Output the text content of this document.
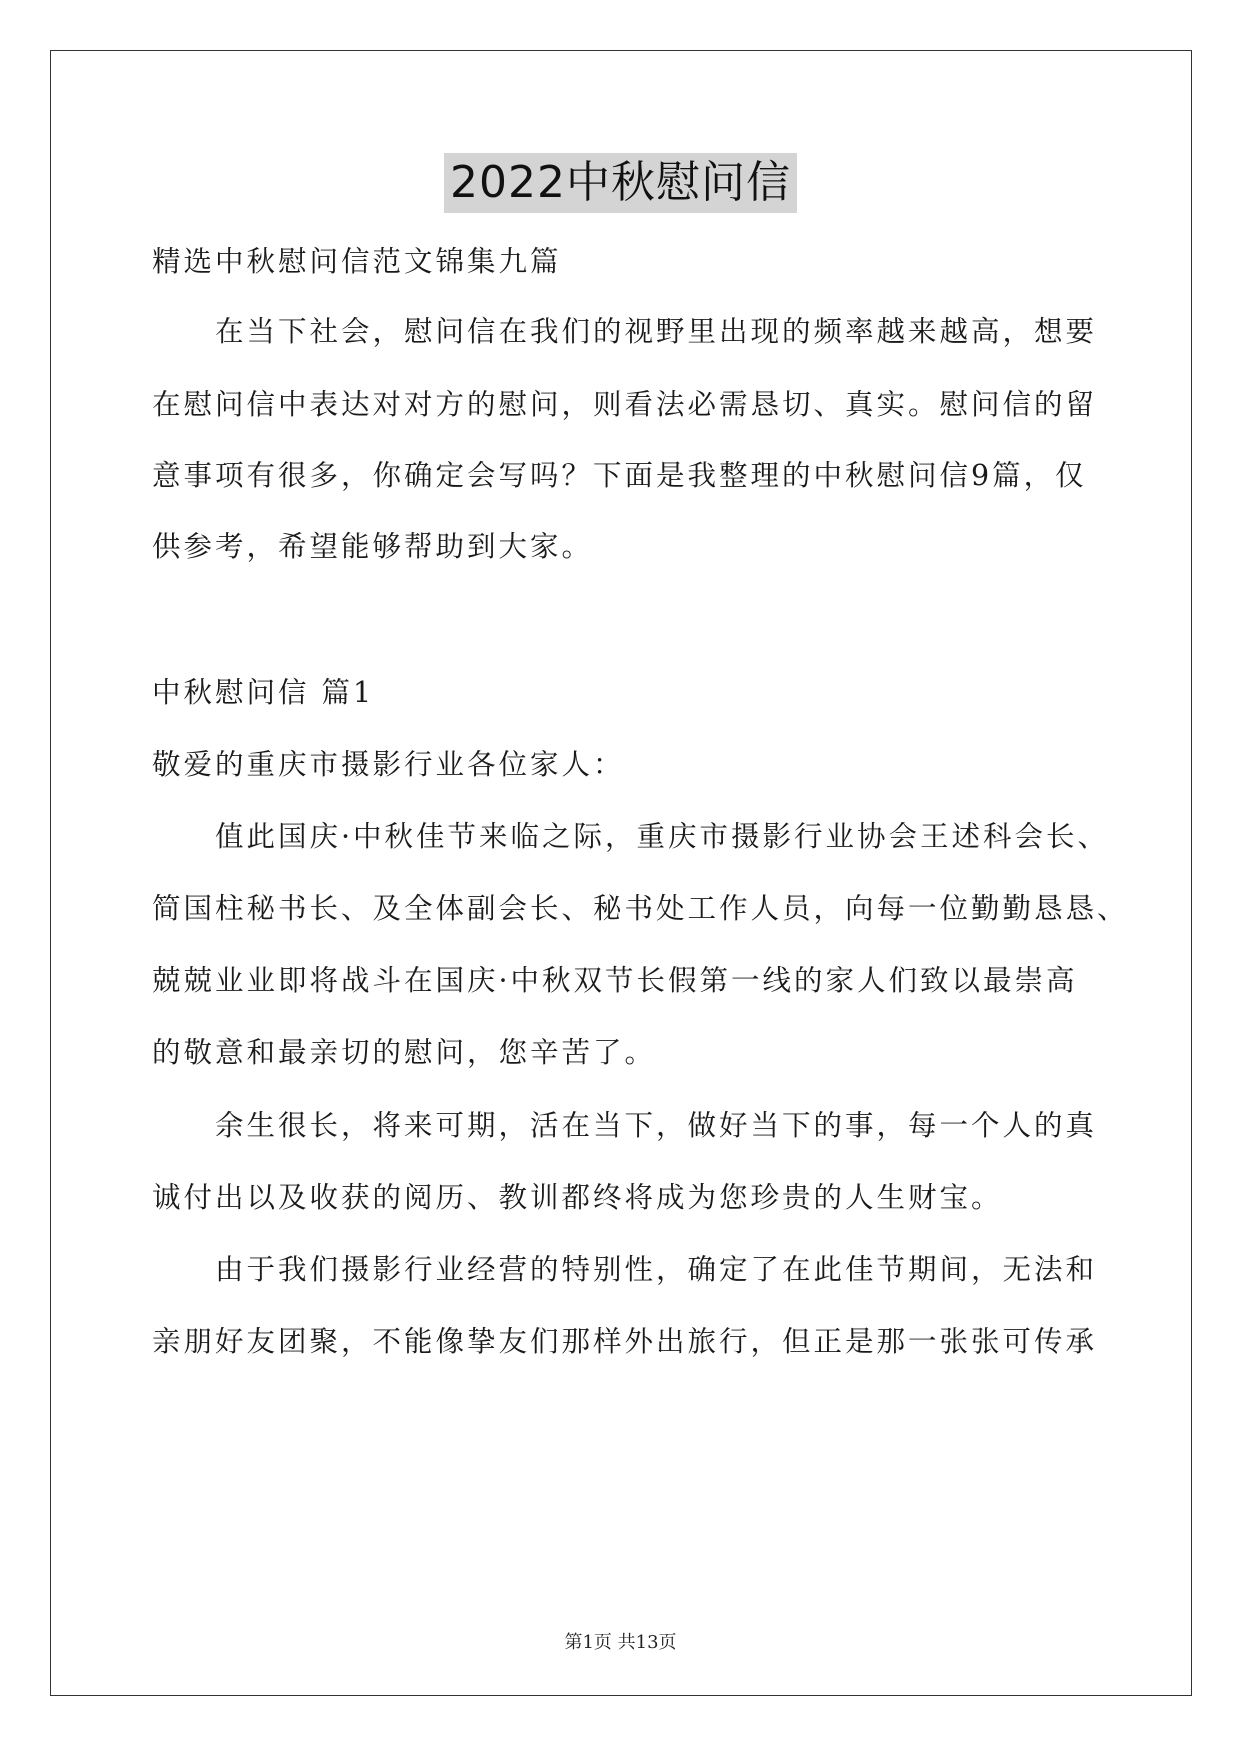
2022中秋慰问信
精选中秋慰问信范文锦集九篇
在当下社会，慰问信在我们的视野里出现的频率越来越高，想要
在慰问信中表达对对方的慰问，则看法必需恳切、真实。慰问信的留
意事项有很多，你确定会写吗？下面是我整理的中秋慰问信9篇，仅
供参考，希望能够帮助到大家。
中秋慰问信 篇1
敬爱的重庆市摄影行业各位家人：
值此国庆·中秋佳节来临之际，重庆市摄影行业协会王述科会长、
简国柱秘书长、及全体副会长、秘书处工作人员，向每一位勤勤恳恳、
兢兢业业即将战斗在国庆·中秋双节长假第一线的家人们致以最崇高
的敬意和最亲切的慰问，您辛苦了。
余生很长，将来可期，活在当下，做好当下的事，每一个人的真
诚付出以及收获的阅历、教训都终将成为您珍贵的人生财宝。
由于我们摄影行业经营的特别性，确定了在此佳节期间，无法和
亲朋好友团聚，不能像挚友们那样外出旅行，但正是那一张张可传承
第1页 共13页
